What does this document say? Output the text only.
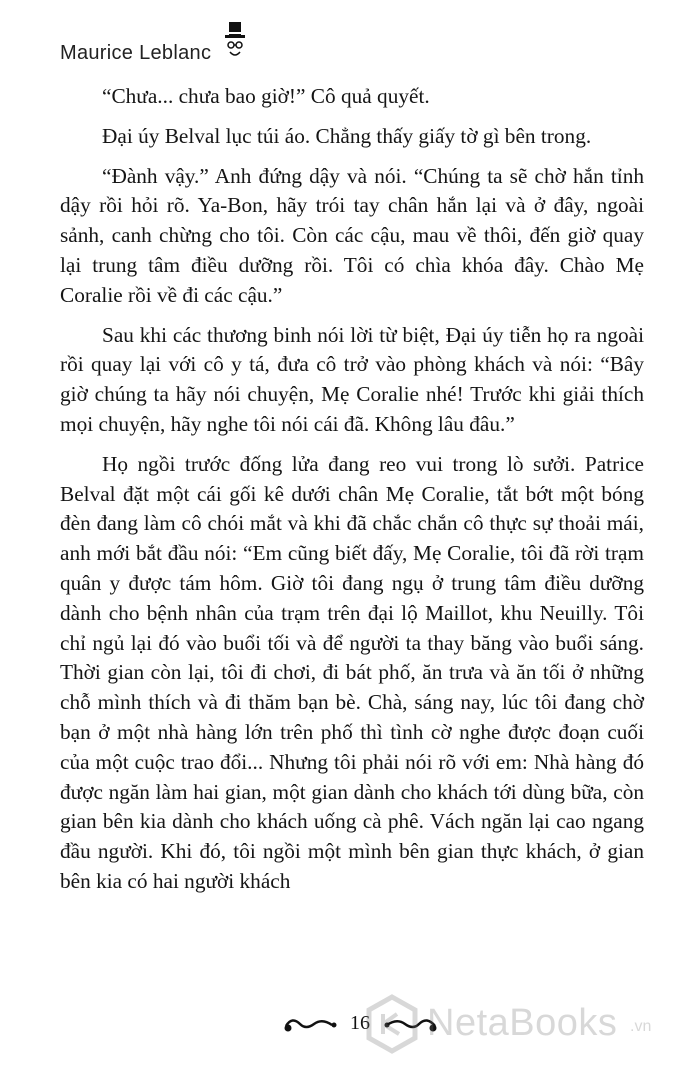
Maurice Leblanc

“Chưa... chưa bao giờ!” Cô quả quyết.

Đại úy Belval lục túi áo. Chẳng thấy giấy tờ gì bên trong.

“Đành vậy.” Anh đứng dậy và nói. “Chúng ta sẽ chờ hắn tỉnh dậy rồi hỏi rõ. Ya-Bon, hãy trói tay chân hắn lại và ở đây, ngoài sảnh, canh chừng cho tôi. Còn các cậu, mau về thôi, đến giờ quay lại trung tâm điều dưỡng rồi. Tôi có chìa khóa đây. Chào Mẹ Coralie rồi về đi các cậu.”

Sau khi các thương binh nói lời từ biệt, Đại úy tiễn họ ra ngoài rồi quay lại với cô y tá, đưa cô trở vào phòng khách và nói: “Bây giờ chúng ta hãy nói chuyện, Mẹ Coralie nhé! Trước khi giải thích mọi chuyện, hãy nghe tôi nói cái đã. Không lâu đâu.”

Họ ngồi trước đống lửa đang reo vui trong lò sưởi. Patrice Belval đặt một cái gối kê dưới chân Mẹ Coralie, tắt bớt một bóng đèn đang làm cô chói mắt và khi đã chắc chắn cô thực sự thoải mái, anh mới bắt đầu nói: “Em cũng biết đấy, Mẹ Coralie, tôi đã rời trạm quân y được tám hôm. Giờ tôi đang ngụ ở trung tâm điều dưỡng dành cho bệnh nhân của trạm trên đại lộ Maillot, khu Neuilly. Tôi chỉ ngủ lại đó vào buổi tối và để người ta thay băng vào buổi sáng. Thời gian còn lại, tôi đi chơi, đi bát phố, ăn trưa và ăn tối ở những chỗ mình thích và đi thăm bạn bè. Chà, sáng nay, lúc tôi đang chờ bạn ở một nhà hàng lớn trên phố thì tình cờ nghe được đoạn cuối của một cuộc trao đổi... Nhưng tôi phải nói rõ với em: Nhà hàng đó được ngăn làm hai gian, một gian dành cho khách tới dùng bữa, còn gian bên kia dành cho khách uống cà phê. Vách ngăn lại cao ngang đầu người. Khi đó, tôi ngồi một mình bên gian thực khách, ở gian bên kia có hai người khách

16 NetaBooks .vn
